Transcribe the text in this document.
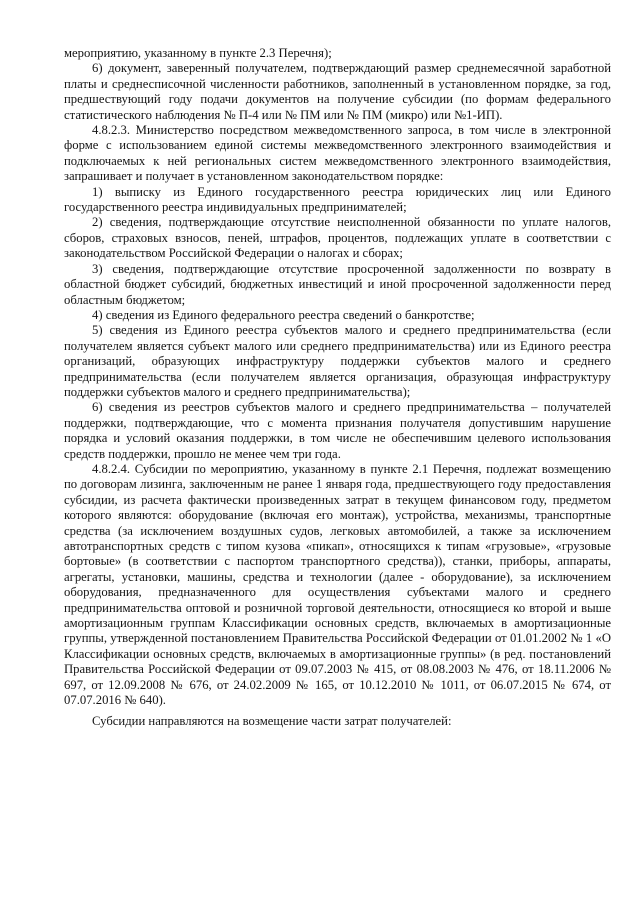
мероприятию, указанному в пункте 2.3 Перечня);

6) документ, заверенный получателем, подтверждающий размер среднемесячной заработной платы и среднесписочной численности работников, заполненный в установленном порядке, за год, предшествующий году подачи документов на получение субсидии (по формам федерального статистического наблюдения № П-4 или № ПМ или № ПМ (микро) или №1-ИП).

4.8.2.3. Министерство посредством межведомственного запроса, в том числе в электронной форме с использованием единой системы межведомственного электронного взаимодействия и подключаемых к ней региональных систем межведомственного электронного взаимодействия, запрашивает и получает в установленном законодательством порядке:

1) выписку из Единого государственного реестра юридических лиц или Единого государственного реестра индивидуальных предпринимателей;

2) сведения, подтверждающие отсутствие неисполненной обязанности по уплате налогов, сборов, страховых взносов, пеней, штрафов, процентов, подлежащих уплате в соответствии с законодательством Российской Федерации о налогах и сборах;

3) сведения, подтверждающие отсутствие просроченной задолженности по возврату в областной бюджет субсидий, бюджетных инвестиций и иной просроченной задолженности перед областным бюджетом;

4) сведения из Единого федерального реестра сведений о банкротстве;

5) сведения из Единого реестра субъектов малого и среднего предпринимательства (если получателем является субъект малого или среднего предпринимательства) или из Единого реестра организаций, образующих инфраструктуру поддержки субъектов малого и среднего предпринимательства (если получателем является организация, образующая инфраструктуру поддержки субъектов малого и среднего предпринимательства);

6) сведения из реестров субъектов малого и среднего предпринимательства – получателей поддержки, подтверждающие, что с момента признания получателя допустившим нарушение порядка и условий оказания поддержки, в том числе не обеспечившим целевого использования средств поддержки, прошло не менее чем три года.

4.8.2.4. Субсидии по мероприятию, указанному в пункте 2.1 Перечня, подлежат возмещению по договорам лизинга, заключенным не ранее 1 января года, предшествующего году предоставления субсидии, из расчета фактически произведенных затрат в текущем финансовом году, предметом которого являются: оборудование (включая его монтаж), устройства, механизмы, транспортные средства (за исключением воздушных судов, легковых автомобилей, а также за исключением автотранспортных средств с типом кузова «пикап», относящихся к типам «грузовые», «грузовые бортовые» (в соответствии с паспортом транспортного средства)), станки, приборы, аппараты, агрегаты, установки, машины, средства и технологии (далее - оборудование), за исключением оборудования, предназначенного для осуществления субъектами малого и среднего предпринимательства оптовой и розничной торговой деятельности, относящиеся ко второй и выше амортизационным группам Классификации основных средств, включаемых в амортизационные группы, утвержденной постановлением Правительства Российской Федерации от 01.01.2002 № 1 «О Классификации основных средств, включаемых в амортизационные группы» (в ред. постановлений Правительства Российской Федерации от 09.07.2003 № 415, от 08.08.2003 № 476, от 18.11.2006 № 697, от 12.09.2008 № 676, от 24.02.2009 № 165, от 10.12.2010 № 1011, от 06.07.2015 № 674, от 07.07.2016 № 640).

Субсидии направляются на возмещение части затрат получателей:
